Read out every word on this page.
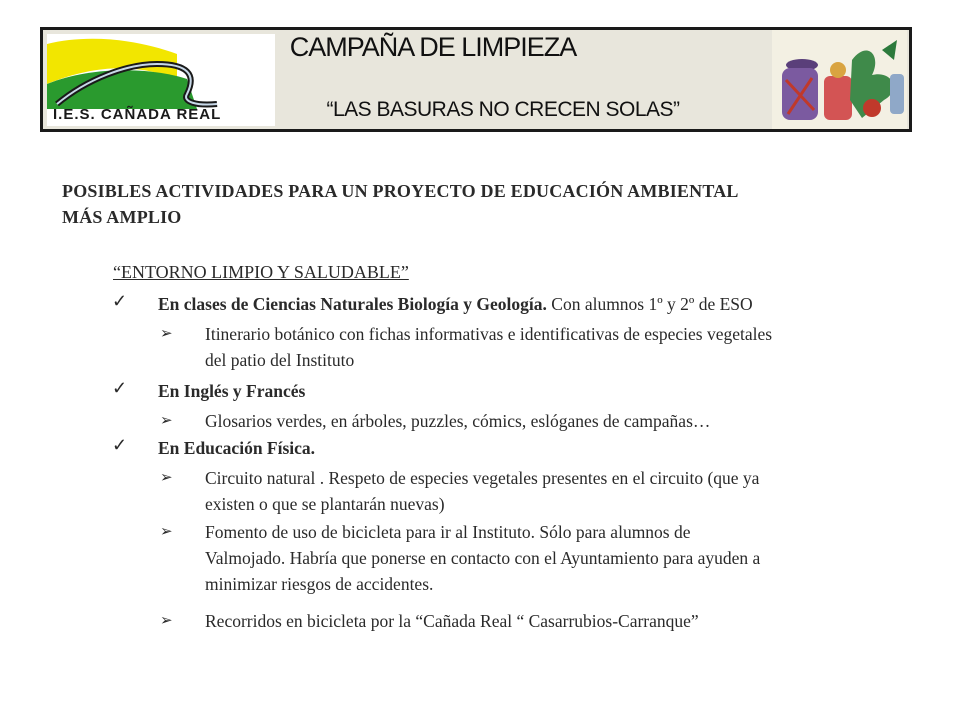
I.E.S. CAÑADA REAL
CAMPAÑA DE LIMPIEZA
“LAS BASURAS NO CRECEN SOLAS”
POSIBLES ACTIVIDADES PARA UN PROYECTO DE EDUCACIÓN AMBIENTAL
MÁS AMPLIO
“ENTORNO LIMPIO Y SALUDABLE”
✓ En clases de Ciencias Naturales Biología y Geología. Con alumnos 1º y 2º de ESO
➢ Itinerario botánico con fichas informativas e identificativas de especies vegetales
del patio del Instituto
✓ En Inglés y Francés
➢ Glosarios verdes, en árboles, puzzles, cómics, eslóganes de campañas…
✓ En Educación Física.
➢ Circuito natural . Respeto de especies vegetales presentes en el circuito (que ya
existen o que se plantarán nuevas)
➢ Fomento de uso de bicicleta para ir al Instituto. Sólo para alumnos de
Valmojado. Habría que ponerse en contacto con el Ayuntamiento para ayuden a
minimizar riesgos de accidentes.
➢ Recorridos en bicicleta por la “Cañada Real “ Casarrubios-Carranque”
